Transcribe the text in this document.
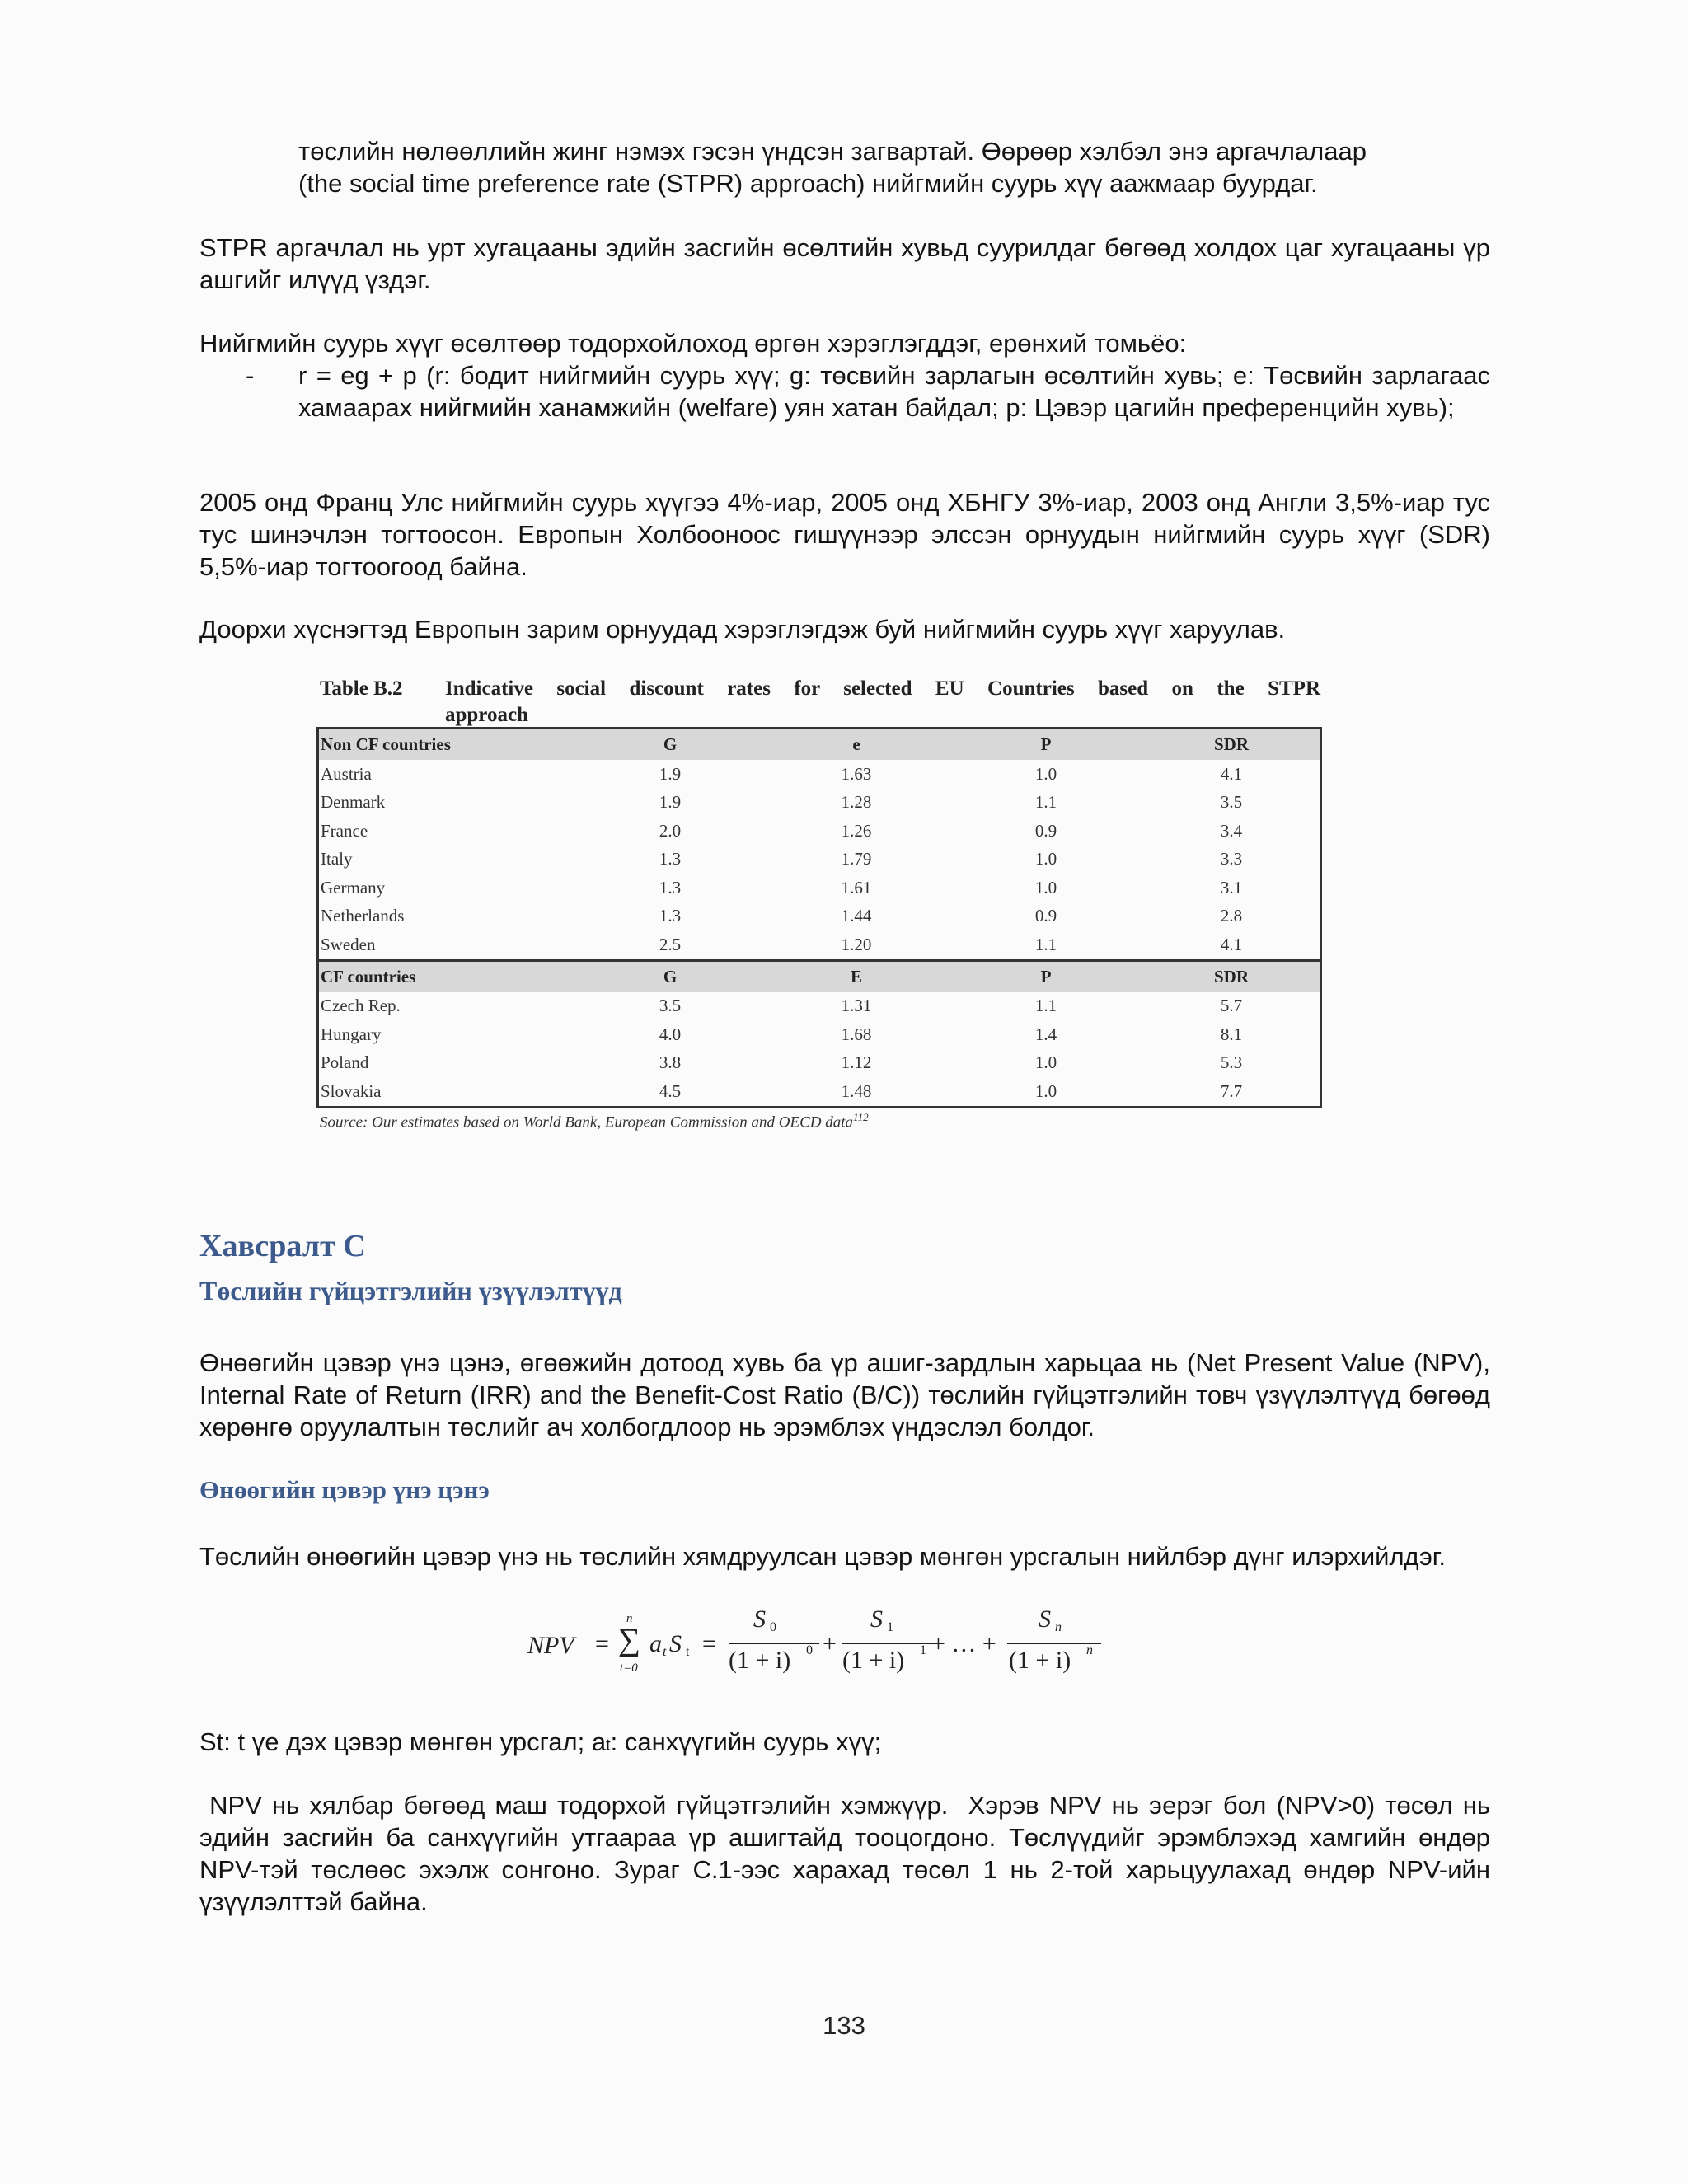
төслийн нөлөөллийн жинг нэмэх гэсэн үндсэн загвартай. Өөрөөр хэлбэл энэ аргачлалаар
(the social time preference rate (STPR) approach) нийгмийн суурь хүү аажмаар буурдаг.
STPR аргачлал нь урт хугацааны эдийн засгийн өсөлтийн хувьд суурилдаг бөгөөд холдох цаг хугацааны үр ашгийг илүүд үздэг.
Нийгмийн суурь хүүг өсөлтөөр тодорхойлоход өргөн хэрэглэгддэг, ерөнхий томьёо:
- r = eg + p (r: бодит нийгмийн суурь хүү; g: төсвийн зарлагын өсөлтийн хувь; e: Төсвийн зарлагаас хамаарах нийгмийн ханамжийн (welfare) уян хатан байдал; p: Цэвэр цагийн преференцийн хувь);
2005 онд Франц Улс нийгмийн суурь хүүгээ 4%-иар, 2005 онд ХБНГУ 3%-иар, 2003 онд Англи 3,5%-иар тус тус шинэчлэн тогтоосон. Европын Холбооноос гишүүнээр элссэн орнуудын нийгмийн суурь хүүг (SDR) 5,5%-иар тогтоогоод байна.
Доорхи хүснэгтэд Европын зарим орнуудад хэрэглэгдэж буй нийгмийн суурь хүүг харуулав.
Table B.2 Indicative social discount rates for selected EU Countries based on the STPR
approach
Non CF countries	G	e	P	SDR
Austria	1.9	1.63	1.0	4.1
Denmark	1.9	1.28	1.1	3.5
France	2.0	1.26	0.9	3.4
Italy	1.3	1.79	1.0	3.3
Germany	1.3	1.61	1.0	3.1
Netherlands	1.3	1.44	0.9	2.8
Sweden	2.5	1.20	1.1	4.1
CF countries	G	E	P	SDR
Czech Rep.	3.5	1.31	1.1	5.7
Hungary	4.0	1.68	1.4	8.1
Poland	3.8	1.12	1.0	5.3
Slovakia	4.5	1.48	1.0	7.7
Source: Our estimates based on World Bank, European Commission and OECD data$^{112}$
Хавсралт C
Төслийн гүйцэтгэлийн үзүүлэлтүүд
Өнөөгийн цэвэр үнэ цэнэ, өгөөжийн дотоод хувь ба үр ашиг-зардлын харьцаа нь (Net Present Value (NPV), Internal Rate of Return (IRR) and the Benefit-Cost Ratio (B/C)) төслийн гүйцэтгэлийн товч үзүүлэлтүүд бөгөөд хөрөнгө оруулалтын төслийг ач холбогдлоор нь эрэмблэх үндэслэл болдог.
Өнөөгийн цэвэр үнэ цэнэ
Төслийн өнөөгийн цэвэр үнэ нь төслийн хямдруулсан цэвэр мөнгөн урсгалын нийлбэр дүнг илэрхийлдэг.
NPV =
n
∑
t=0
a t S t =
S 0
(1 + i) 0 +
S 1
(1 + i) 1 + … +
S n
(1 + i) n
St: t үе дэх цэвэр мөнгөн урсгал; at: санхүүгийн суурь хүү;
NPV нь хялбар бөгөөд маш тодорхой гүйцэтгэлийн хэмжүүр.  Хэрэв NPV нь эерэг бол (NPV>0) төсөл нь эдийн засгийн ба санхүүгийн утгаараа үр ашигтайд тооцогдоно. Төслүүдийг эрэмблэхэд хамгийн өндөр NPV-тэй төслөөс эхэлж сонгоно. Зураг C.1-ээс харахад төсөл 1 нь 2-той харьцуулахад өндөр NPV-ийн үзүүлэлттэй байна.
133
